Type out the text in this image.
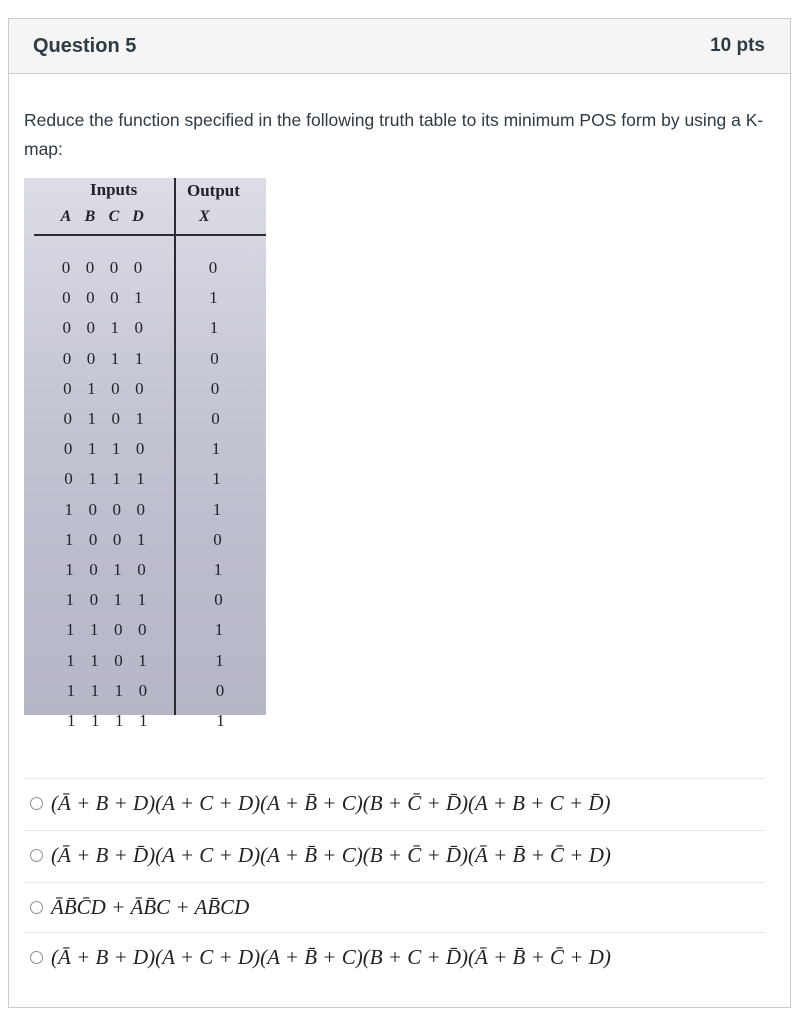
Question 5	10 pts
Reduce the function specified in the following truth table to its minimum POS form by using a K-map:
Inputs	Output
A B C D	X
0 0 0 0	0
0 0 0 1	1
0 0 1 0	1
0 0 1 1	0
0 1 0 0	0
0 1 0 1	0
0 1 1 0	1
0 1 1 1	1
1 0 0 0	1
1 0 0 1	0
1 0 1 0	1
1 0 1 1	0
1 1 0 0	1
1 1 0 1	1
1 1 1 0	0
1 1 1 1	1
(Ā + B + D)(A + C + D)(A + B̄ + C)(B + C̄ + D̄)(A + B + C + D̄)
(Ā + B + D̄)(A + C + D)(A + B̄ + C)(B + C̄ + D̄)(Ā + B̄ + C̄ + D)
ĀB̄C̄D + ĀB̄C + AB̄CD
(Ā + B + D)(A + C + D)(A + B̄ + C)(B + C + D̄)(Ā + B̄ + C̄ + D)
